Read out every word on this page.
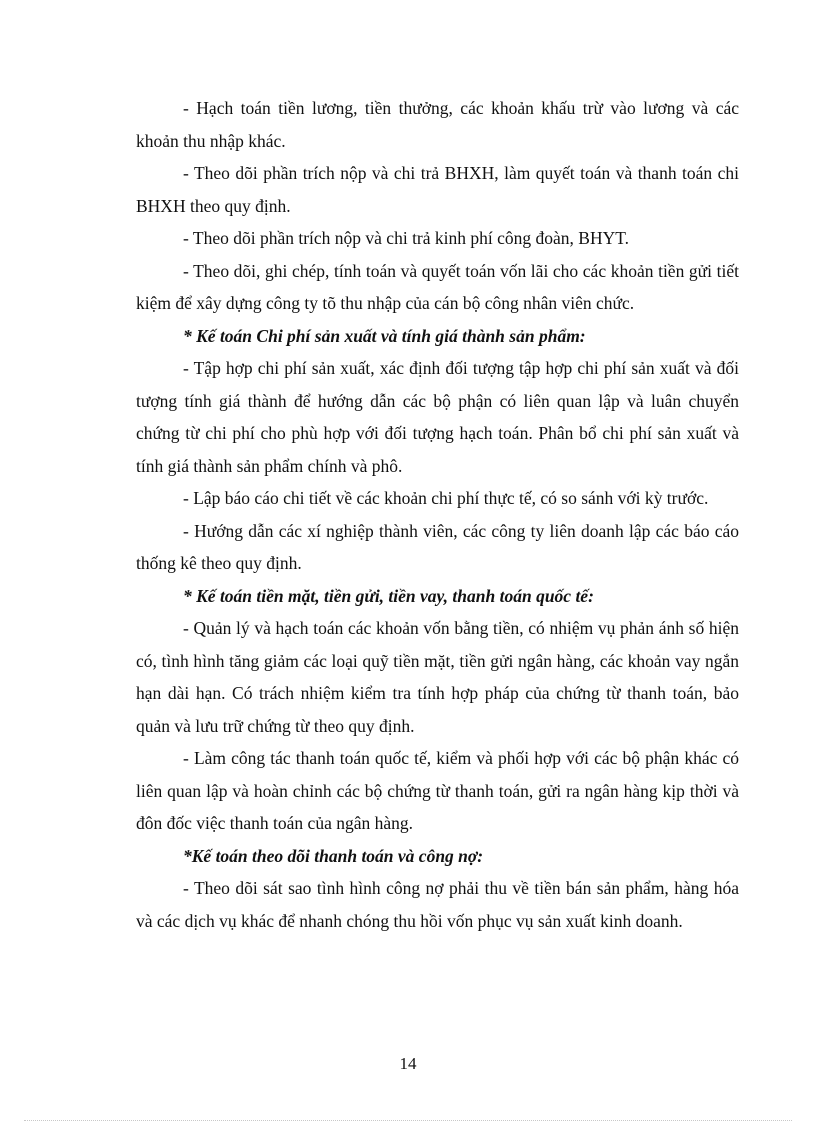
- Hạch toán tiền lương, tiền thưởng, các khoản khấu trừ vào lương và các khoản thu nhập khác.

- Theo dõi phần trích nộp và chi trả BHXH, làm quyết toán và thanh toán chi BHXH theo quy định.

- Theo dõi phần trích nộp và chi trả kinh phí công đoàn, BHYT.

- Theo dõi, ghi chép, tính toán và quyết toán vốn lãi cho các khoản tiền gửi tiết kiệm để xây dựng công ty tõ thu nhập của cán bộ công nhân viên chức.

* Kế toán Chi phí sản xuất và tính giá thành sản phẩm:

- Tập hợp chi phí sản xuất, xác định đối tượng tập hợp chi phí sản xuất và đối tượng tính giá thành để hướng dẫn các bộ phận có liên quan lập và luân chuyển chứng từ chi phí cho phù hợp với đối tượng hạch toán. Phân bổ chi phí sản xuất và tính giá thành sản phẩm chính và phô.

- Lập báo cáo chi tiết về các khoản chi phí thực tế, có so sánh với kỳ trước.

- Hướng dẫn các xí nghiệp thành viên, các công ty liên doanh lập các báo cáo thống kê theo quy định.

* Kế toán tiền mặt, tiền gửi, tiền vay, thanh toán quốc tế:

- Quản lý và hạch toán các khoản vốn bằng tiền, có nhiệm vụ phản ánh số hiện có, tình hình tăng giảm các loại quỹ tiền mặt, tiền gửi ngân hàng, các khoản vay ngắn hạn dài hạn. Có trách nhiệm kiểm tra tính hợp pháp của chứng từ thanh toán, bảo quản và lưu trữ chứng từ theo quy định.

- Làm công tác thanh toán quốc tế, kiểm và phối hợp với các bộ phận khác có liên quan lập và hoàn chỉnh các bộ chứng từ thanh toán, gửi ra ngân hàng kịp thời và đôn đốc việc thanh toán của ngân hàng.

*Kế toán theo dõi thanh toán và công nợ:

- Theo dõi sát sao tình hình công nợ phải thu về tiền bán sản phẩm, hàng hóa và các dịch vụ khác để nhanh chóng thu hồi vốn phục vụ sản xuất kinh doanh.

14
